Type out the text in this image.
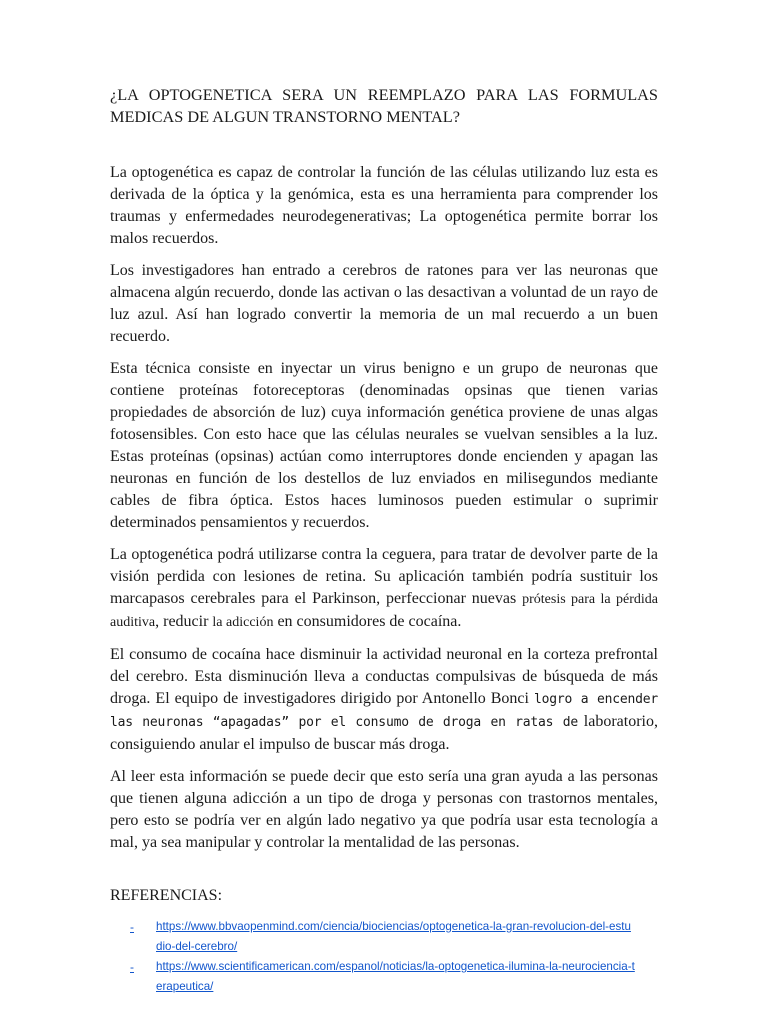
¿LA OPTOGENETICA SERA UN REEMPLAZO PARA LAS FORMULAS MEDICAS DE ALGUN TRANSTORNO MENTAL?

La optogenética es capaz de controlar la función de las células utilizando luz esta es derivada de la óptica y la genómica, esta es una herramienta para comprender los traumas y enfermedades neurodegenerativas; La optogenética permite borrar los malos recuerdos.

Los investigadores han entrado a cerebros de ratones para ver las neuronas que almacena algún recuerdo, donde las activan o las desactivan a voluntad de un rayo de luz azul. Así han logrado convertir la memoria de un mal recuerdo a un buen recuerdo.

Esta técnica consiste en inyectar un virus benigno e un grupo de neuronas que contiene proteínas fotoreceptoras (denominadas opsinas que tienen varias propiedades de absorción de luz) cuya información genética proviene de unas algas fotosensibles. Con esto hace que las células neurales se vuelvan sensibles a la luz. Estas proteínas (opsinas) actúan como interruptores donde encienden y apagan las neuronas en función de los destellos de luz enviados en milisegundos mediante cables de fibra óptica. Estos haces luminosos pueden estimular o suprimir determinados pensamientos y recuerdos.

La optogenética podrá utilizarse contra la ceguera, para tratar de devolver parte de la visión perdida con lesiones de retina. Su aplicación también podría sustituir los marcapasos cerebrales para el Parkinson, perfeccionar nuevas prótesis para la pérdida auditiva, reducir la adicción en consumidores de cocaína.

El consumo de cocaína hace disminuir la actividad neuronal en la corteza prefrontal del cerebro. Esta disminución lleva a conductas compulsivas de búsqueda de más droga. El equipo de investigadores dirigido por Antonello Bonci logro a encender las neuronas “apagadas” por el consumo de droga en ratas de laboratorio, consiguiendo anular el impulso de buscar más droga.

Al leer esta información se puede decir que esto sería una gran ayuda a las personas que tienen alguna adicción a un tipo de droga y personas con trastornos mentales, pero esto se podría ver en algún lado negativo ya que podría usar esta tecnología a mal, ya sea manipular y controlar la mentalidad de las personas.

REFERENCIAS:
- https://www.bbvaopenmind.com/ciencia/biociencias/optogenetica-la-gran-revolucion-del-estudio-del-cerebro/
- https://www.scientificamerican.com/espanol/noticias/la-optogenetica-ilumina-la-neurociencia-terapeutica/
